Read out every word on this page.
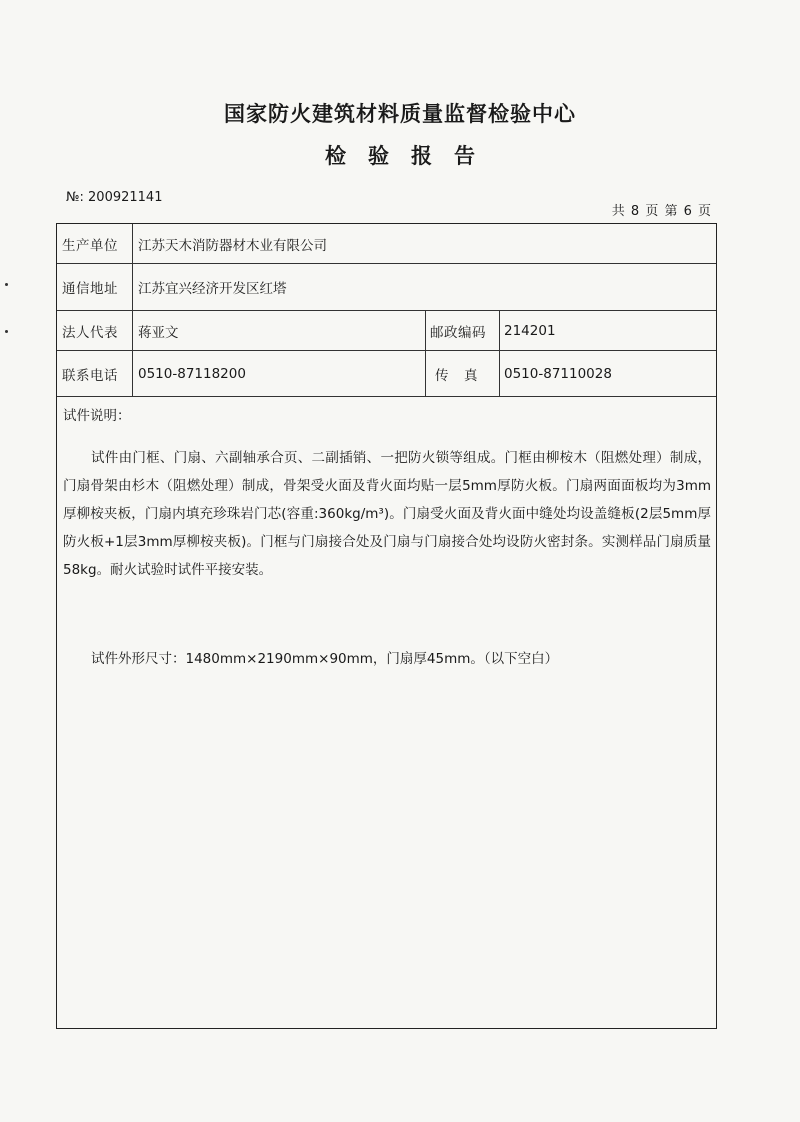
国家防火建筑材料质量监督检验中心
检验报告
№: 200921141
共 8 页 第 6 页
生产单位	江苏天木消防器材木业有限公司
通信地址	江苏宜兴经济开发区红塔
法人代表	蒋亚文	邮政编码	214201
联系电话	0510-87118200	传　真	0510-87110028
试件说明：

试件由门框、门扇、六副轴承合页、二副插销、一把防火锁等组成。门框由柳桉木（阻燃处理）制成，门扇骨架由杉木（阻燃处理）制成，骨架受火面及背火面均贴一层5mm厚防火板。门扇两面面板均为3mm厚柳桉夹板，门扇内填充珍珠岩门芯(容重:360kg/m³)。门扇受火面及背火面中缝处均设盖缝板(2层5mm厚防火板+1层3mm厚柳桉夹板)。门框与门扇接合处及门扇与门扇接合处均设防火密封条。实测样品门扇质量58kg。耐火试验时试件平接安装。

试件外形尺寸：1480mm×2190mm×90mm，门扇厚45mm。（以下空白）
